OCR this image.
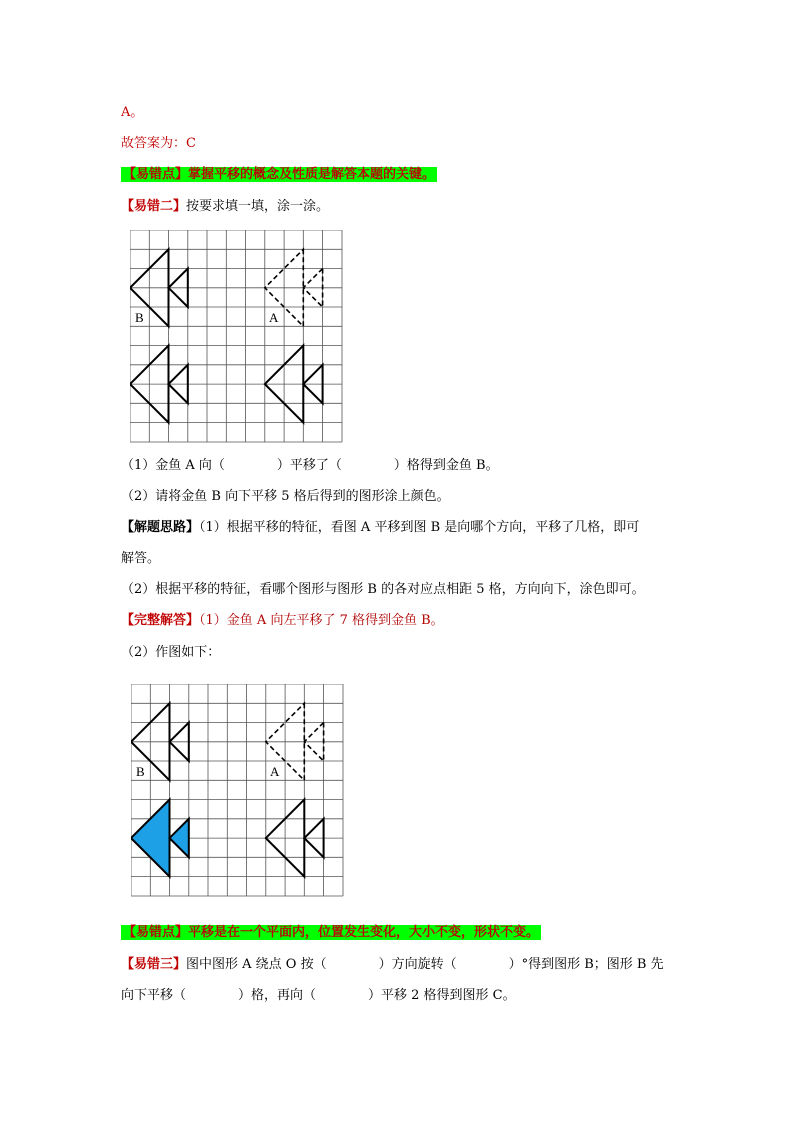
A。
故答案为：C
【易错点】掌握平移的概念及性质是解答本题的关键。
【易错二】按要求填一填，涂一涂。
B	A
（1）金鱼 A 向（　　　　）平移了（　　　　）格得到金鱼 B。
（2）请将金鱼 B 向下平移 5 格后得到的图形涂上颜色。
【解题思路】（1）根据平移的特征，看图 A 平移到图 B 是向哪个方向，平移了几格，即可
解答。
（2）根据平移的特征，看哪个图形与图形 B 的各对应点相距 5 格，方向向下，涂色即可。
【完整解答】（1）金鱼 A 向左平移了 7 格得到金鱼 B。
（2）作图如下：
B	A
【易错点】平移是在一个平面内，位置发生变化，大小不变，形状不变。
【易错三】图中图形 A 绕点 O 按（　　　　）方向旋转（　　　　）°得到图形 B；图形 B 先
向下平移（　　　　）格，再向（　　　　）平移 2 格得到图形 C。
